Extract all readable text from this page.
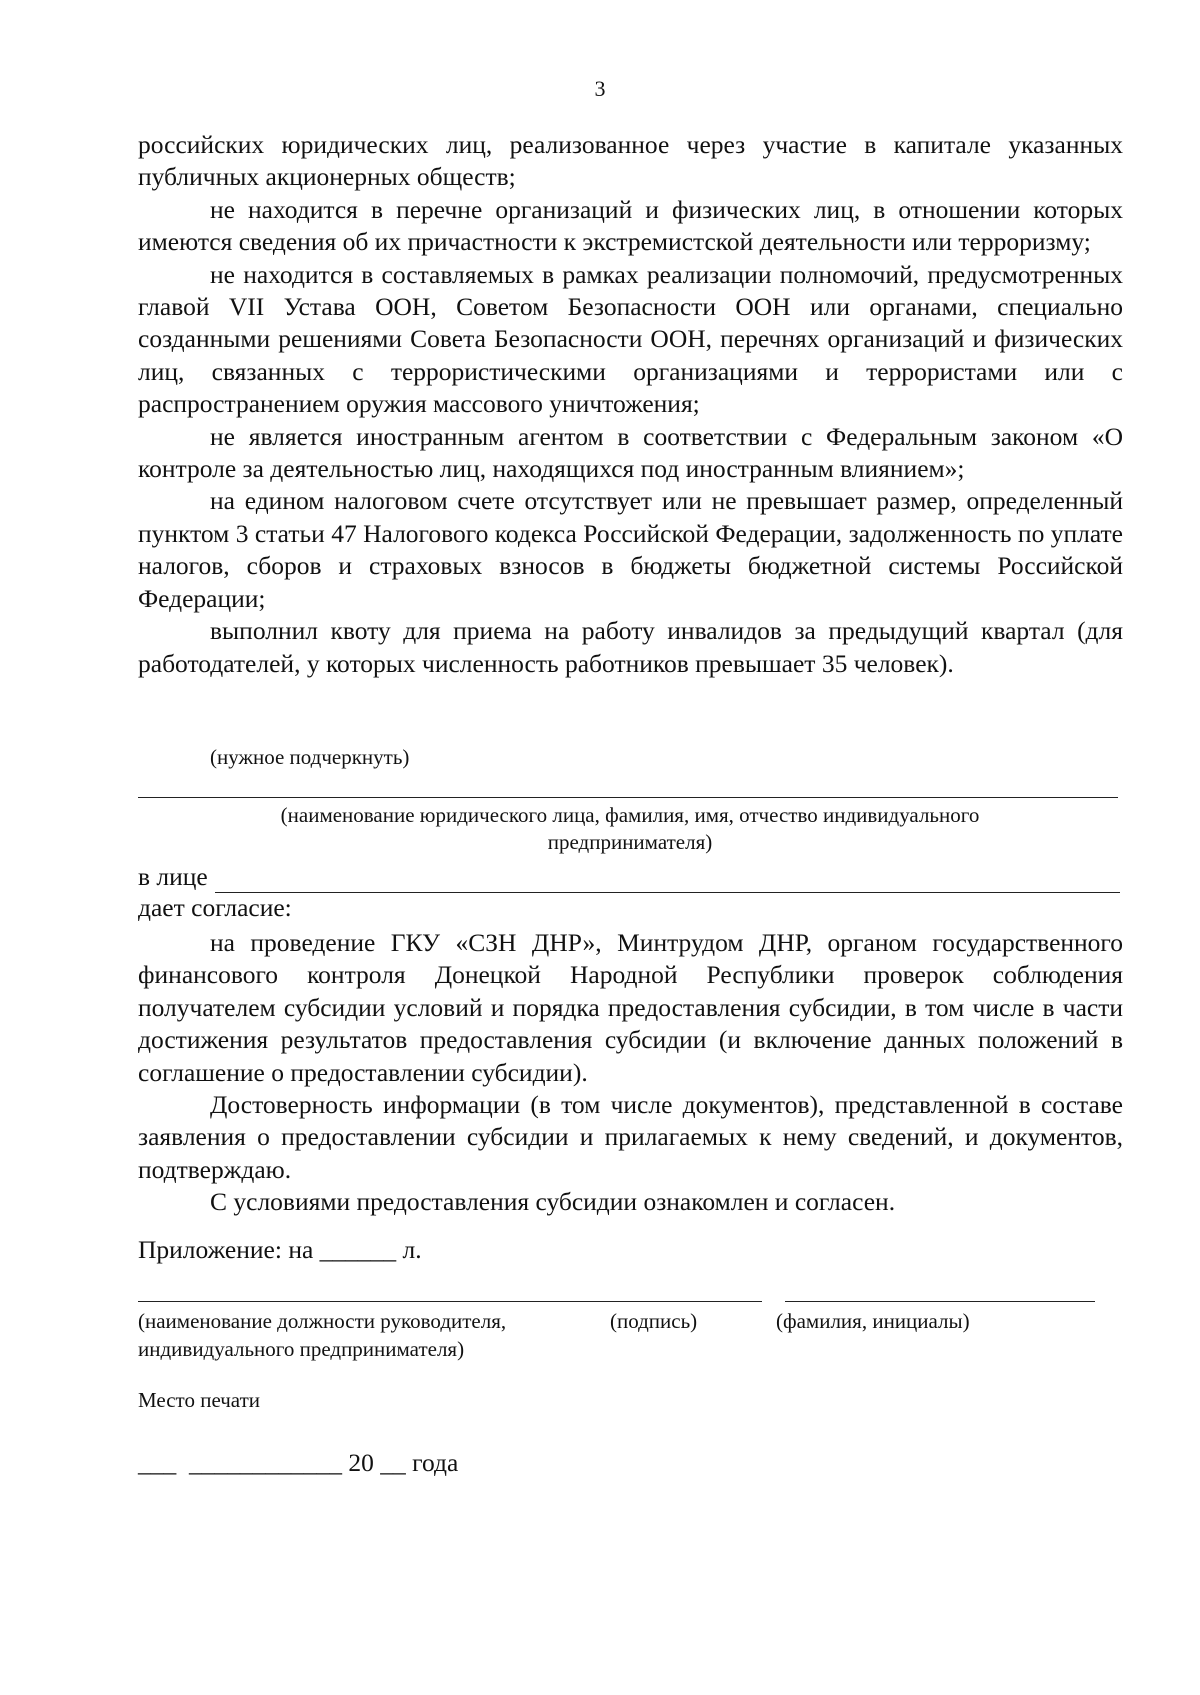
3

российских юридических лиц, реализованное через участие в капитале указанных публичных акционерных обществ;

не находится в перечне организаций и физических лиц, в отношении которых имеются сведения об их причастности к экстремистской деятельности или терроризму;

не находится в составляемых в рамках реализации полномочий, предусмотренных главой VII Устава ООН, Советом Безопасности ООН или органами, специально созданными решениями Совета Безопасности ООН, перечнях организаций и физических лиц, связанных с террористическими организациями и террористами или с распространением оружия массового уничтожения;

не является иностранным агентом в соответствии с Федеральным законом «О контроле за деятельностью лиц, находящихся под иностранным влиянием»;

на едином налоговом счете отсутствует или не превышает размер, определенный пунктом 3 статьи 47 Налогового кодекса Российской Федерации, задолженность по уплате налогов, сборов и страховых взносов в бюджеты бюджетной системы Российской Федерации;

выполнил квоту для приема на работу инвалидов за предыдущий квартал (для работодателей, у которых численность работников превышает 35 человек).

(нужное подчеркнуть)
(наименование юридического лица, фамилия, имя, отчество индивидуального предпринимателя)
в лице
дает согласие:

на проведение ГКУ «СЗН ДНР», Минтрудом ДНР, органом государственного финансового контроля Донецкой Народной Республики проверок соблюдения получателем субсидии условий и порядка предоставления субсидии, в том числе в части достижения результатов предоставления субсидии (и включение данных положений в соглашение о предоставлении субсидии).

Достоверность информации (в том числе документов), представленной в составе заявления о предоставлении субсидии и прилагаемых к нему сведений, и документов, подтверждаю.

С условиями предоставления субсидии ознакомлен и согласен.

Приложение: на ______ л.
(наименование должности руководителя, индивидуального предпринимателя)
(подпись)	(фамилия, инициалы)
Место печати
___ ____________ 20 __ года
